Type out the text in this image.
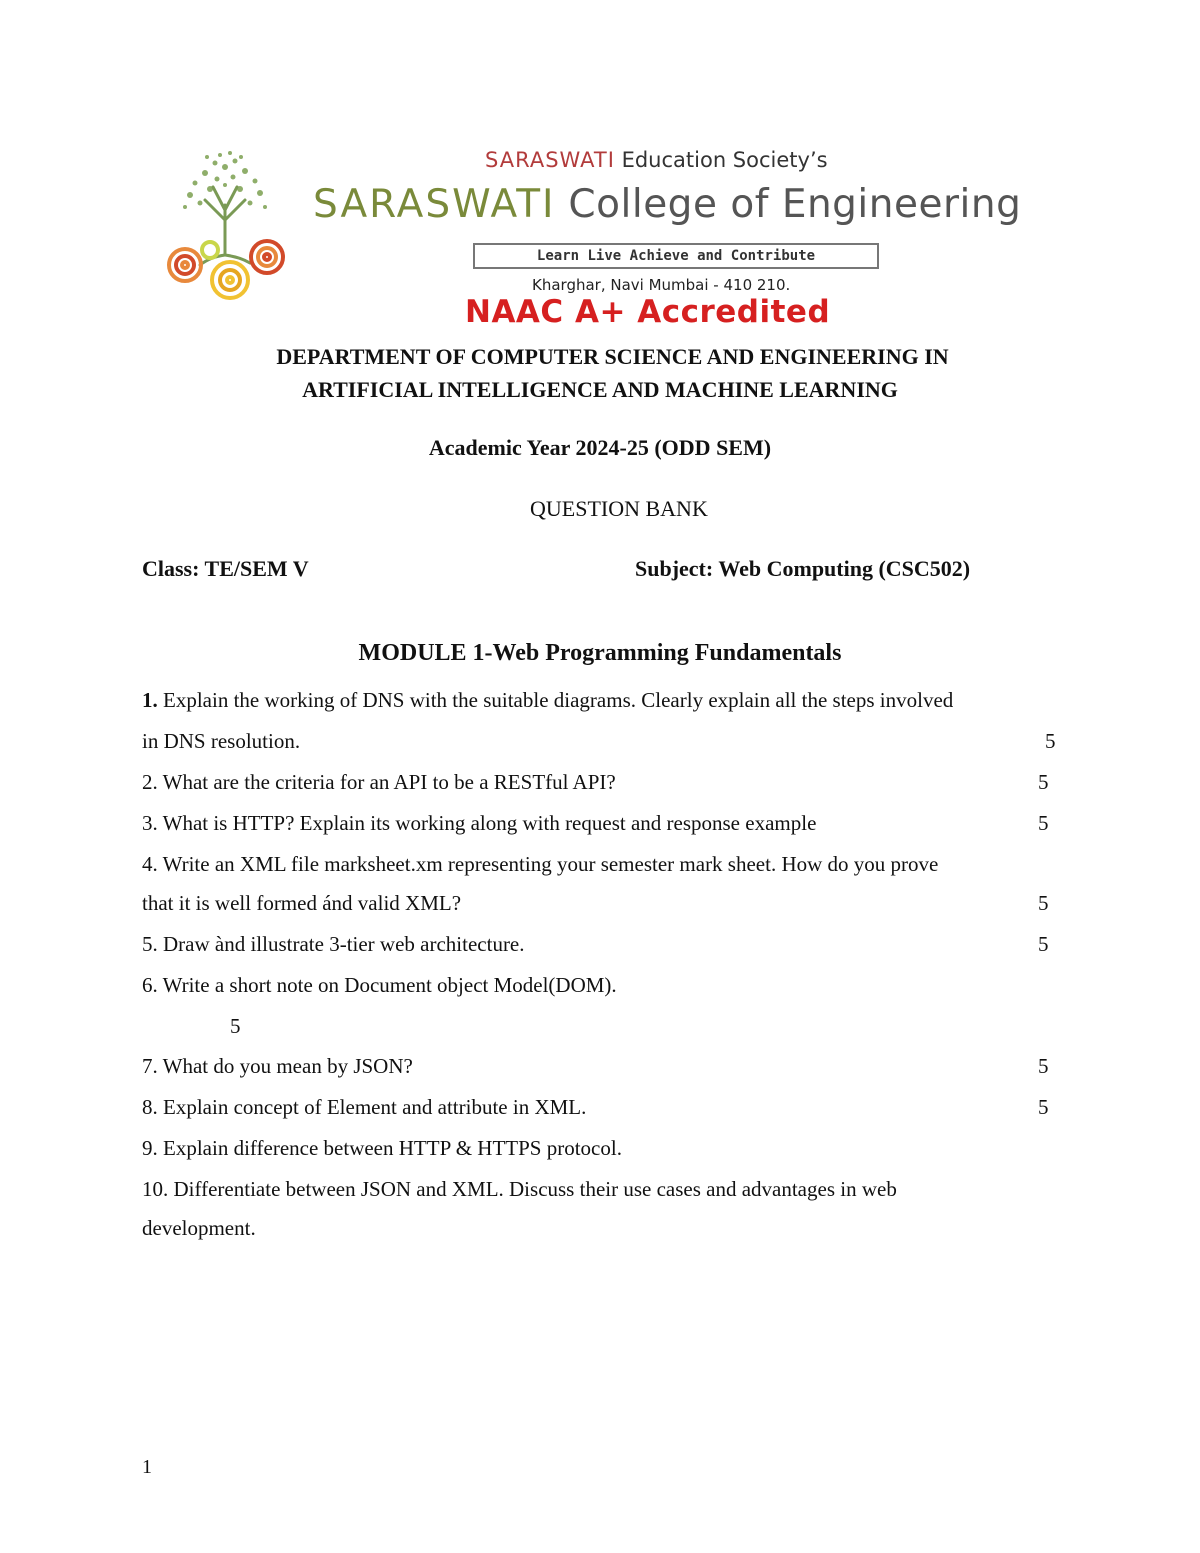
SARASWATI Education Society’s
SARASWATI College of Engineering
Learn Live Achieve and Contribute
Kharghar, Navi Mumbai - 410 210.
NAAC A+ Accredited
DEPARTMENT OF COMPUTER SCIENCE AND ENGINEERING IN
ARTIFICIAL INTELLIGENCE AND MACHINE LEARNING
Academic Year 2024-25 (ODD SEM)
QUESTION BANK
Class: TE/SEM V	Subject: Web Computing (CSC502)
MODULE 1-Web Programming Fundamentals
1. Explain the working of DNS with the suitable diagrams. Clearly explain all the steps involved
in DNS resolution.	5
2. What are the criteria for an API to be a RESTful API?	5
3. What is HTTP? Explain its working along with request and response example	5
4. Write an XML file marksheet.xm representing your semester mark sheet. How do you prove
that it is well formed ánd valid XML?	5
5. Draw ànd illustrate 3-tier web architecture.	5
6. Write a short note on Document object Model(DOM).
5
7. What do you mean by JSON?	5
8. Explain concept of Element and attribute in XML.	5
9. Explain difference between HTTP & HTTPS protocol.
10. Differentiate between JSON and XML. Discuss their use cases and advantages in web
development.
1
